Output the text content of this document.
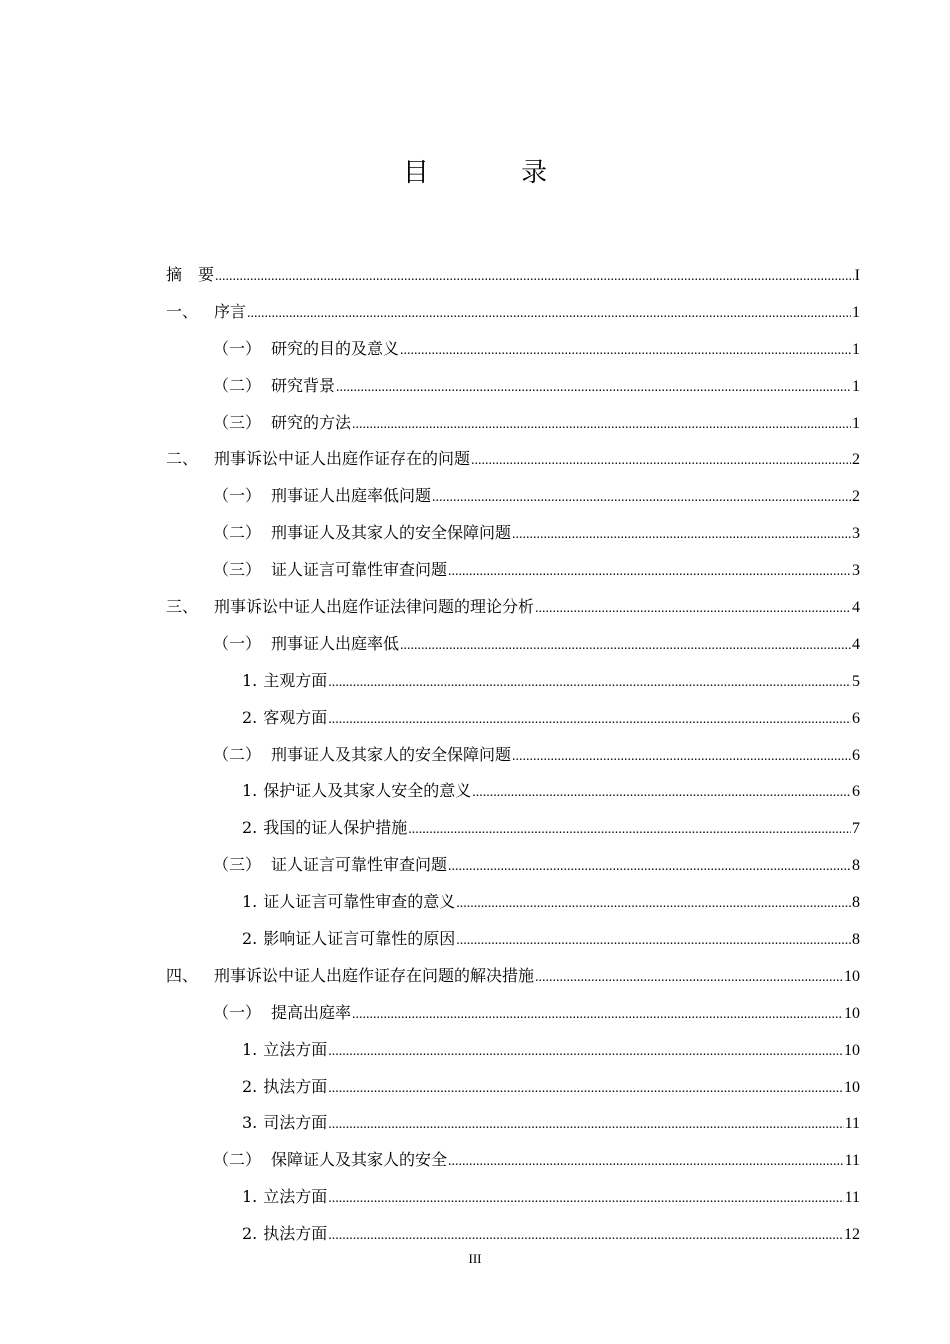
目 录
摘　要 .....	I
一、 序言 .....	1
（一） 研究的目的及意义 .....	1
（二） 研究背景 .....	1
（三） 研究的方法 .....	1
二、 刑事诉讼中证人出庭作证存在的问题 .....	2
（一） 刑事证人出庭率低问题 .....	2
（二） 刑事证人及其家人的安全保障问题 .....	3
（三） 证人证言可靠性审查问题 .....	3
三、 刑事诉讼中证人出庭作证法律问题的理论分析 .....	4
（一） 刑事证人出庭率低 .....	4
1. 主观方面 .....	5
2. 客观方面 .....	6
（二） 刑事证人及其家人的安全保障问题 .....	6
1. 保护证人及其家人安全的意义 .....	6
2. 我国的证人保护措施 .....	7
（三） 证人证言可靠性审查问题 .....	8
1. 证人证言可靠性审查的意义 .....	8
2. 影响证人证言可靠性的原因 .....	8
四、 刑事诉讼中证人出庭作证存在问题的解决措施 .....	10
（一） 提高出庭率 .....	10
1. 立法方面 .....	10
2. 执法方面 .....	10
3. 司法方面 .....	11
（二） 保障证人及其家人的安全 .....	11
1. 立法方面 .....	11
2. 执法方面 .....	12
III
